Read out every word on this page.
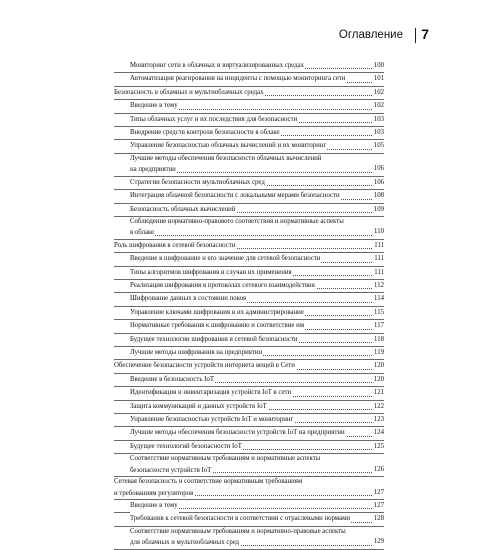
Оглавление 7
Мониторинг сети в облачных и виртуализированных средах	100
Автоматизация реагирования на инциденты с помощью мониторинга сети	101
Безопасность в облачных и мультиоблачных средах	102
Введение в тему	102
Типы облачных услуг и их последствия для безопасности	103
Внедрение средств контроля безопасности в облаке	103
Управление безопасностью облачных вычислений и их мониторинг	105
Лучшие методы обеспечения безопасности облачных вычислений
на предприятии	106
Стратегии безопасности мультиоблачных сред	106
Интеграция облачной безопасности с локальными мерами безопасности	108
Безопасность облачных вычислений	109
Соблюдение нормативно-правового соответствия и нормативные аспекты
в облаке	110
Роль шифрования в сетевой безопасности	111
Введение в шифрование и его значение для сетевой безопасности	111
Типы алгоритмов шифрования и случаи их применения	111
Реализация шифрования в протоколах сетевого взаимодействия	112
Шифрование данных в состоянии покоя	114
Управление ключами шифрования и их администрирование	115
Нормативные требования к шифрованию и соответствие им	117
Будущее технологии шифрования в сетевой безопасности	118
Лучшие методы шифрования на предприятии	119
Обеспечение безопасности устройств интернета вещей в Сети	120
Введение в безопасность IoT	120
Идентификация и инвентаризация устройств IoT в сети	121
Защита коммуникаций и данных устройств IoT	122
Управление безопасностью устройств IoT и мониторинг	123
Лучшие методы обеспечения безопасности устройств IoT на предприятии	124
Будущее технологий безопасности IoT	125
Соответствие нормативным требованиям и нормативные аспекты
безопасности устройств IoT	126
Сетевая безопасность и соответствие нормативным требованиям
и требованиям регуляторов	127
Введение в тему	127
Требования к сетевой безопасности в соответствии с отраслевыми нормами	128
Соответствие нормативным требованиям и нормативно-правовые аспекты
для облачных и мультиоблачных сред	129
